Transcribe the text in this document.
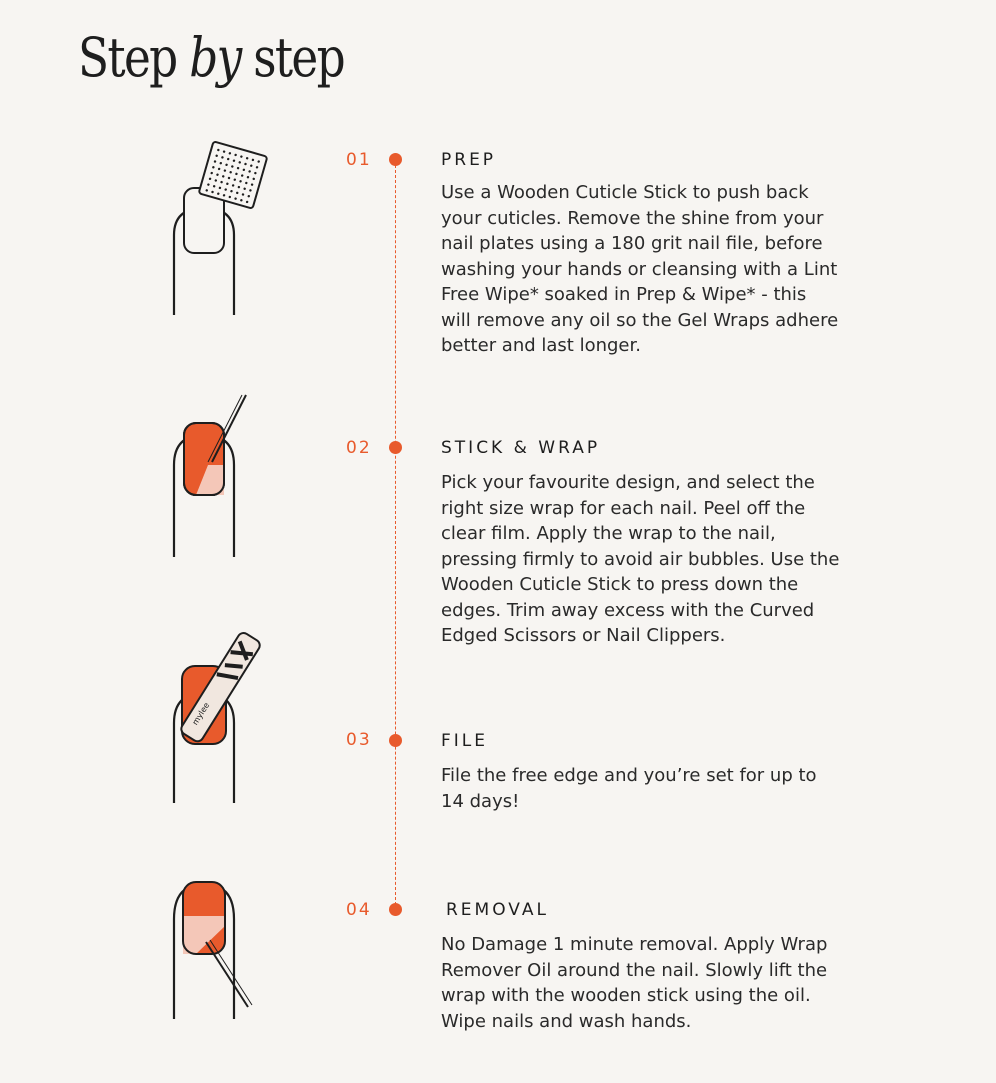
Step by step
01	PREP
Use a Wooden Cuticle Stick to push back your cuticles. Remove the shine from your nail plates using a 180 grit nail file, before washing your hands or cleansing with a Lint Free Wipe* soaked in Prep & Wipe* - this will remove any oil so the Gel Wraps adhere better and last longer.
02	STICK & WRAP
Pick your favourite design, and select the right size wrap for each nail. Peel off the clear film. Apply the wrap to the nail, pressing firmly to avoid air bubbles. Use the Wooden Cuticle Stick to press down the edges. Trim away excess with the Curved Edged Scissors or Nail Clippers.
mylee
03	FILE
File the free edge and you’re set for up to 14 days!
04	REMOVAL
No Damage 1 minute removal. Apply Wrap Remover Oil around the nail. Slowly lift the wrap with the wooden stick using the oil. Wipe nails and wash hands.
